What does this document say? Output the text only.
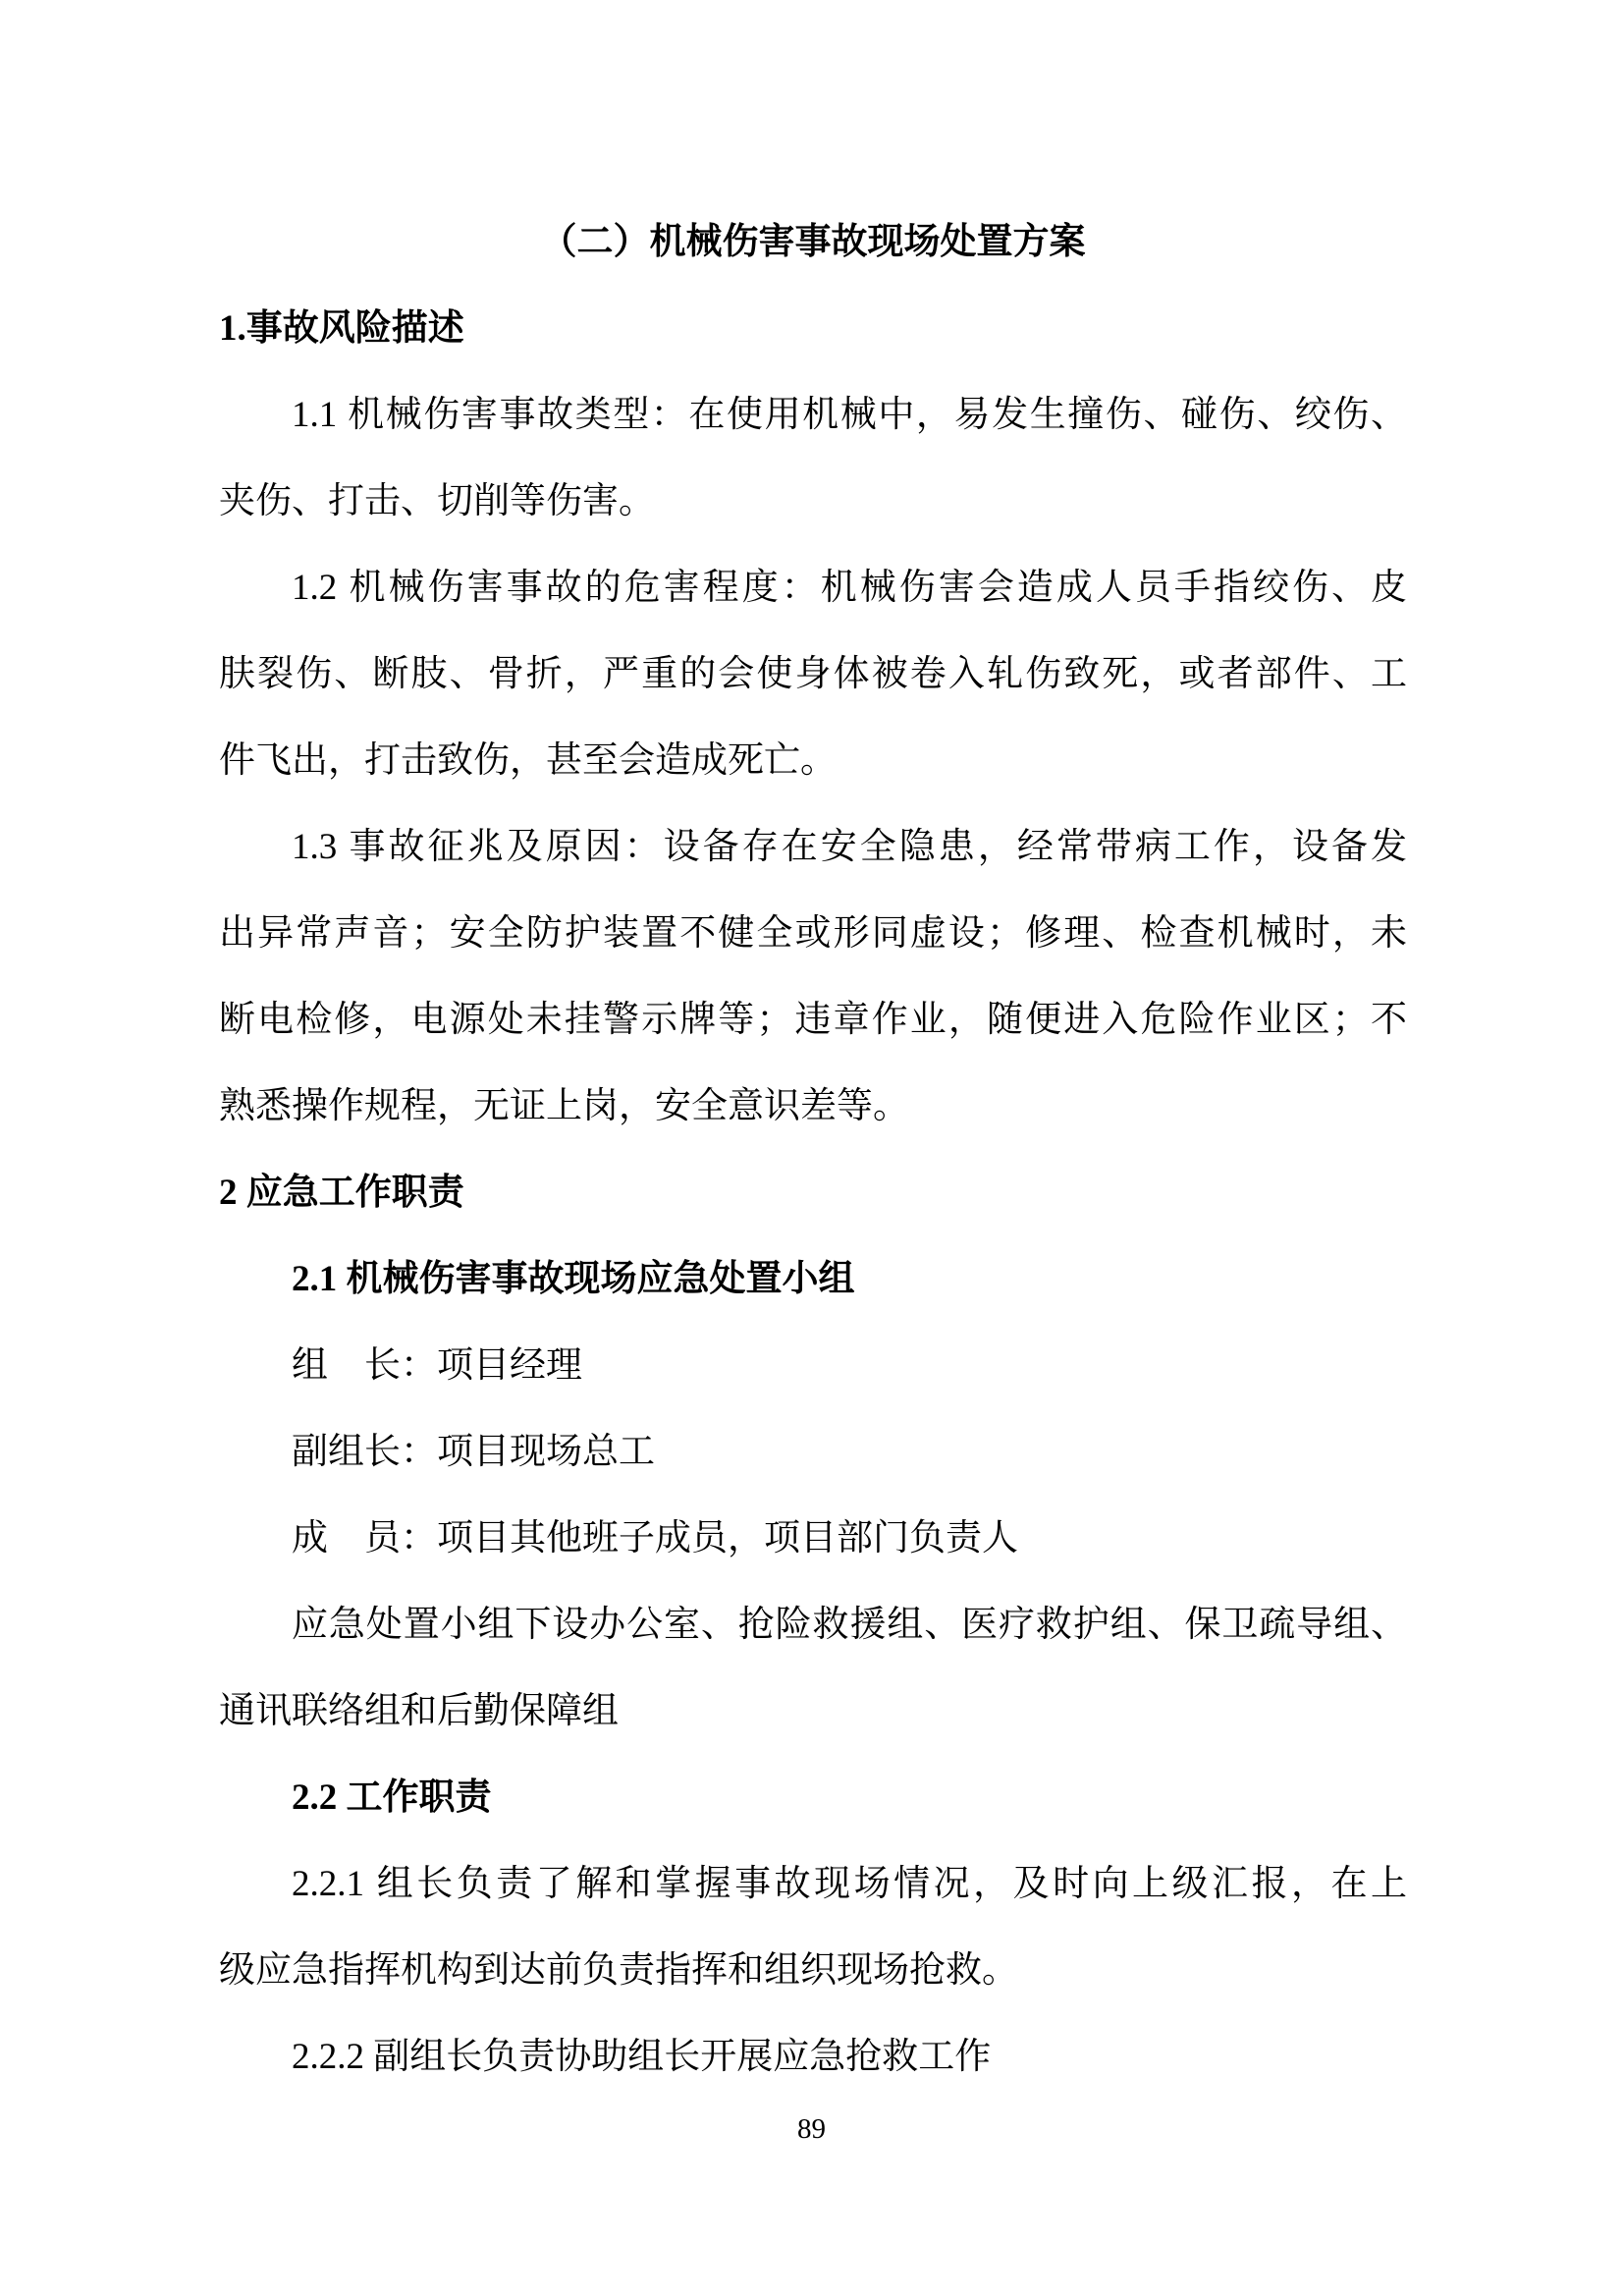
（二）机械伤害事故现场处置方案
1.事故风险描述
1.1 机械伤害事故类型：在使用机械中，易发生撞伤、碰伤、绞伤、
夹伤、打击、切削等伤害。
1.2 机械伤害事故的危害程度：机械伤害会造成人员手指绞伤、皮
肤裂伤、断肢、骨折，严重的会使身体被卷入轧伤致死，或者部件、工
件飞出，打击致伤，甚至会造成死亡。
1.3 事故征兆及原因：设备存在安全隐患，经常带病工作，设备发
出异常声音；安全防护装置不健全或形同虚设；修理、检查机械时，未
断电检修，电源处未挂警示牌等；违章作业，随便进入危险作业区；不
熟悉操作规程，无证上岗，安全意识差等。
2 应急工作职责
2.1 机械伤害事故现场应急处置小组
组　长：项目经理
副组长：项目现场总工
成　员：项目其他班子成员，项目部门负责人
应急处置小组下设办公室、抢险救援组、医疗救护组、保卫疏导组、
通讯联络组和后勤保障组
2.2 工作职责
2.2.1 组长负责了解和掌握事故现场情况，及时向上级汇报，在上
级应急指挥机构到达前负责指挥和组织现场抢救。
2.2.2 副组长负责协助组长开展应急抢救工作
89
